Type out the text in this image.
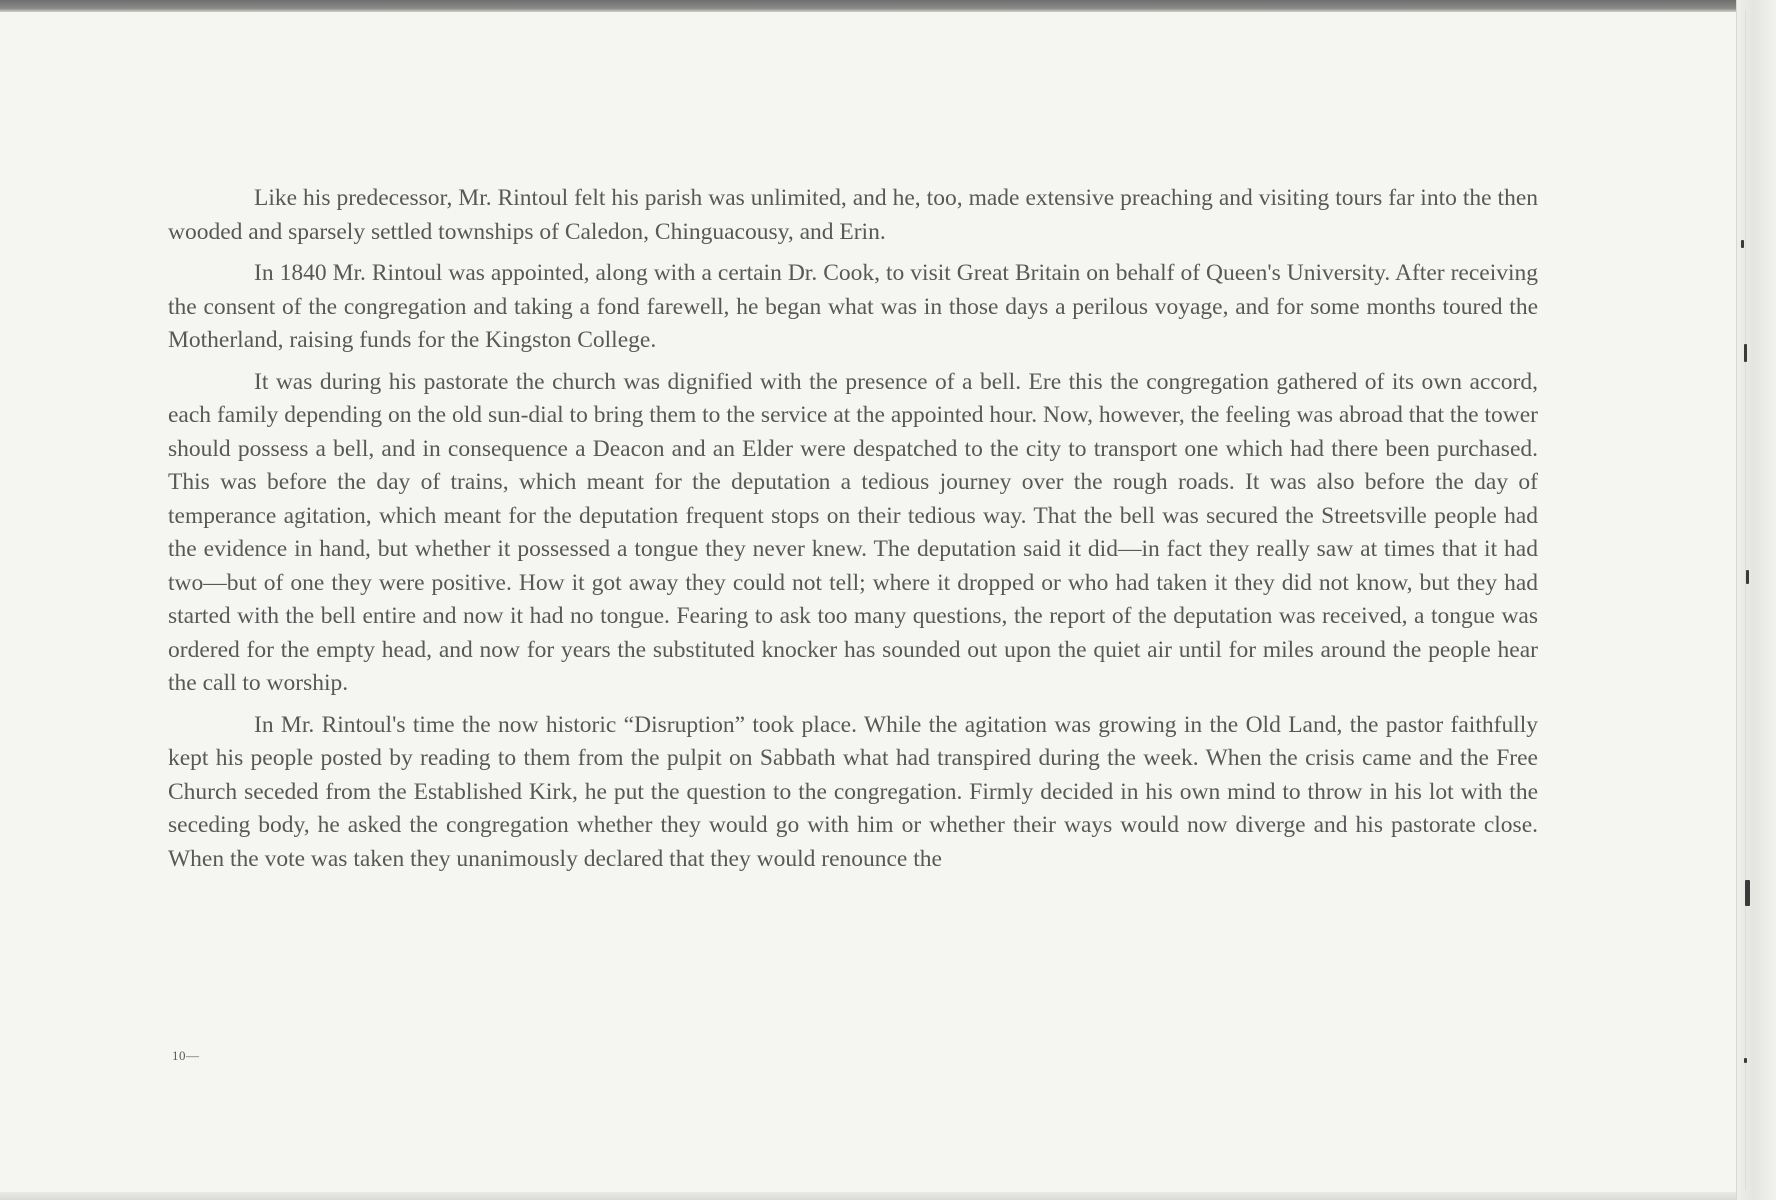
Like his predecessor, Mr. Rintoul felt his parish was unlimited, and he, too, made extensive preaching and visiting tours far into the then wooded and sparsely settled townships of Caledon, Chinguacousy, and Erin.

In 1840 Mr. Rintoul was appointed, along with a certain Dr. Cook, to visit Great Britain on behalf of Queen's University. After receiving the consent of the congregation and taking a fond farewell, he began what was in those days a perilous voyage, and for some months toured the Motherland, raising funds for the Kingston College.

It was during his pastorate the church was dignified with the presence of a bell. Ere this the congregation gathered of its own accord, each family depending on the old sun-dial to bring them to the service at the appointed hour. Now, however, the feeling was abroad that the tower should possess a bell, and in consequence a Deacon and an Elder were despatched to the city to transport one which had there been purchased. This was before the day of trains, which meant for the deputation a tedious journey over the rough roads. It was also before the day of temperance agitation, which meant for the deputation frequent stops on their tedious way. That the bell was secured the Streetsville people had the evidence in hand, but whether it possessed a tongue they never knew. The deputation said it did—in fact they really saw at times that it had two—but of one they were positive. How it got away they could not tell; where it dropped or who had taken it they did not know, but they had started with the bell entire and now it had no tongue. Fearing to ask too many questions, the report of the deputation was received, a tongue was ordered for the empty head, and now for years the substituted knocker has sounded out upon the quiet air until for miles around the people hear the call to worship.

In Mr. Rintoul's time the now historic “Disruption” took place. While the agitation was growing in the Old Land, the pastor faithfully kept his people posted by reading to them from the pulpit on Sabbath what had transpired during the week. When the crisis came and the Free Church seceded from the Established Kirk, he put the question to the congregation. Firmly decided in his own mind to throw in his lot with the seceding body, he asked the congregation whether they would go with him or whether their ways would now diverge and his pastorate close. When the vote was taken they unanimously declared that they would renounce the

10—
